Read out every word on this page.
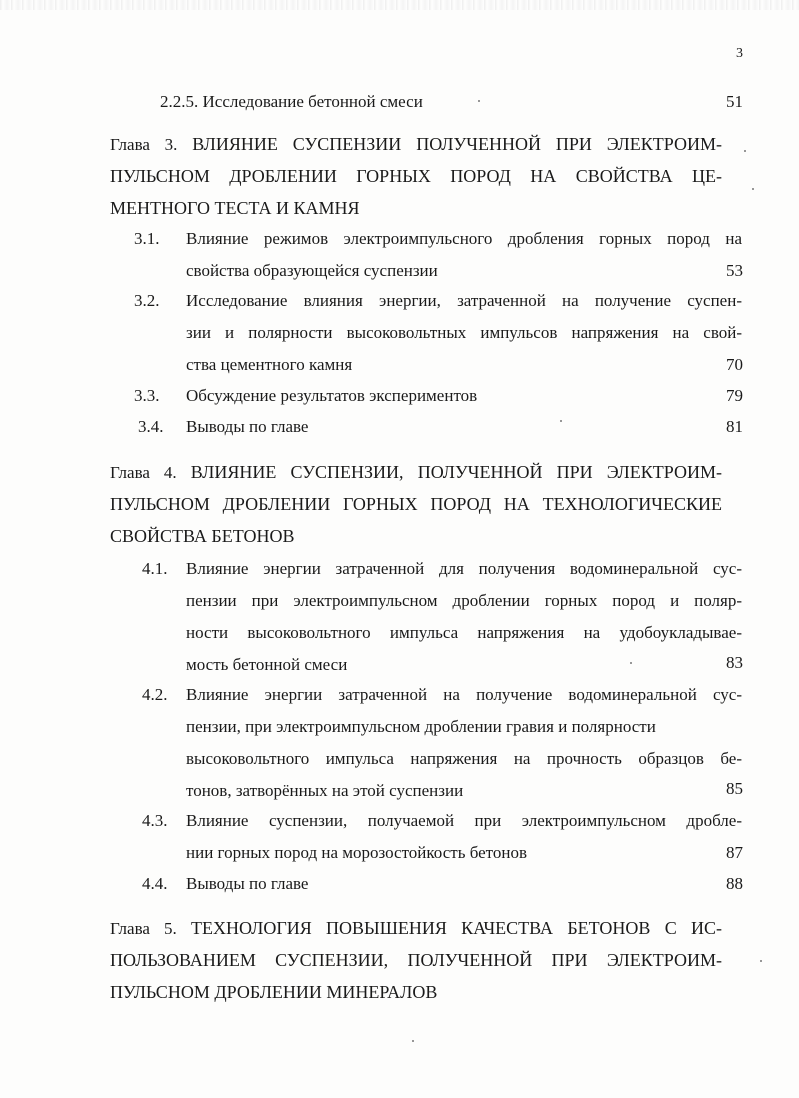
3
2.2.5. Исследование бетонной смеси	51
Глава 3. ВЛИЯНИЕ СУСПЕНЗИИ ПОЛУЧЕННОЙ ПРИ ЭЛЕКТРОИМ-
ПУЛЬСНОМ ДРОБЛЕНИИ ГОРНЫХ ПОРОД НА СВОЙСТВА ЦЕ-
МЕНТНОГО ТЕСТА И КАМНЯ
3.1. Влияние режимов электроимпульсного дробления горных пород на
свойства образующейся суспензии	53
3.2. Исследование влияния энергии, затраченной на получение суспен-
зии и полярности высоковольтных импульсов напряжения на свой-
ства цементного камня	70
3.3. Обсуждение результатов экспериментов	79
3.4. Выводы по главе	81
Глава 4. ВЛИЯНИЕ СУСПЕНЗИИ, ПОЛУЧЕННОЙ ПРИ ЭЛЕКТРОИМ-
ПУЛЬСНОМ ДРОБЛЕНИИ ГОРНЫХ ПОРОД НА ТЕХНОЛОГИЧЕСКИЕ
СВОЙСТВА БЕТОНОВ
4.1. Влияние энергии затраченной для получения водоминеральной сус-
пензии при электроимпульсном дроблении горных пород и поляр-
ности высоковольтного импульса напряжения на удобоукладывае-
мость бетонной смеси	83
4.2. Влияние энергии затраченной на получение водоминеральной сус-
пензии, при электроимпульсном дроблении гравия и полярности
высоковольтного импульса напряжения на прочность образцов бе-
тонов, затворённых на этой суспензии	85
4.3. Влияние суспензии, получаемой при электроимпульсном дробле-
нии горных пород на морозостойкость бетонов	87
4.4. Выводы по главе	88
Глава 5. ТЕХНОЛОГИЯ ПОВЫШЕНИЯ КАЧЕСТВА БЕТОНОВ С ИС-
ПОЛЬЗОВАНИЕМ СУСПЕНЗИИ, ПОЛУЧЕННОЙ ПРИ ЭЛЕКТРОИМ-
ПУЛЬСНОМ ДРОБЛЕНИИ МИНЕРАЛОВ
